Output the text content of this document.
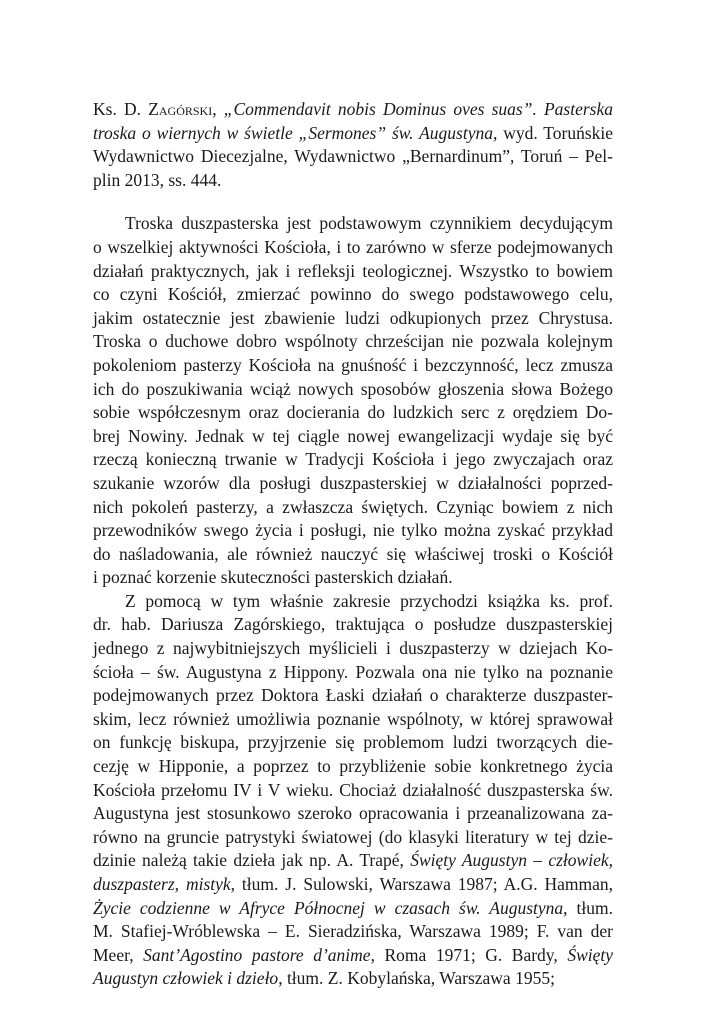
Ks. D. Zagórski, „Commendavit nobis Dominus oves suas”. Pasterska
troska o wiernych w świetle „Sermones” św. Augustyna, wyd. Toruńskie
Wydawnictwo Diecezjalne, Wydawnictwo „Bernardinum”, Toruń – Pel-
plin 2013, ss. 444.
Troska duszpasterska jest podstawowym czynnikiem decydującym
o wszelkiej aktywności Kościoła, i to zarówno w sferze podejmowanych
działań praktycznych, jak i refleksji teologicznej. Wszystko to bowiem
co czyni Kościół, zmierzać powinno do swego podstawowego celu,
jakim ostatecznie jest zbawienie ludzi odkupionych przez Chrystusa.
Troska o duchowe dobro wspólnoty chrześcijan nie pozwala kolejnym
pokoleniom pasterzy Kościoła na gnuśność i bezczynność, lecz zmusza
ich do poszukiwania wciąż nowych sposobów głoszenia słowa Bożego
sobie współczesnym oraz docierania do ludzkich serc z orędziem Do-
brej Nowiny. Jednak w tej ciągle nowej ewangelizacji wydaje się być
rzeczą konieczną trwanie w Tradycji Kościoła i jego zwyczajach oraz
szukanie wzorów dla posługi duszpasterskiej w działalności poprzed-
nich pokoleń pasterzy, a zwłaszcza świętych. Czyniąc bowiem z nich
przewodników swego życia i posługi, nie tylko można zyskać przykład
do naśladowania, ale również nauczyć się właściwej troski o Kościół
i poznać korzenie skuteczności pasterskich działań.
Z pomocą w tym właśnie zakresie przychodzi książka ks. prof.
dr. hab. Dariusza Zagórskiego, traktująca o posłudze duszpasterskiej
jednego z najwybitniejszych myślicieli i duszpasterzy w dziejach Ko-
ścioła – św. Augustyna z Hippony. Pozwala ona nie tylko na poznanie
podejmowanych przez Doktora Łaski działań o charakterze duszpaster-
skim, lecz również umożliwia poznanie wspólnoty, w której sprawował
on funkcję biskupa, przyjrzenie się problemom ludzi tworzących die-
cezję w Hipponie, a poprzez to przybliżenie sobie konkretnego życia
Kościoła przełomu IV i V wieku. Chociaż działalność duszpasterska św.
Augustyna jest stosunkowo szeroko opracowania i przeanalizowana za-
równo na gruncie patrystyki światowej (do klasyki literatury w tej dzie-
dzinie należą takie dzieła jak np. A. Trapé, Święty Augustyn – człowiek,
duszpasterz, mistyk, tłum. J. Sulowski, Warszawa 1987; A.G. Hamman,
Życie codzienne w Afryce Północnej w czasach św. Augustyna, tłum.
M. Stafiej-Wróblewska – E. Sieradzińska, Warszawa 1989; F. van der
Meer, Sant’Agostino pastore d’anime, Roma 1971; G. Bardy, Święty
Augustyn człowiek i dzieło, tłum. Z. Kobylańska, Warszawa 1955;
